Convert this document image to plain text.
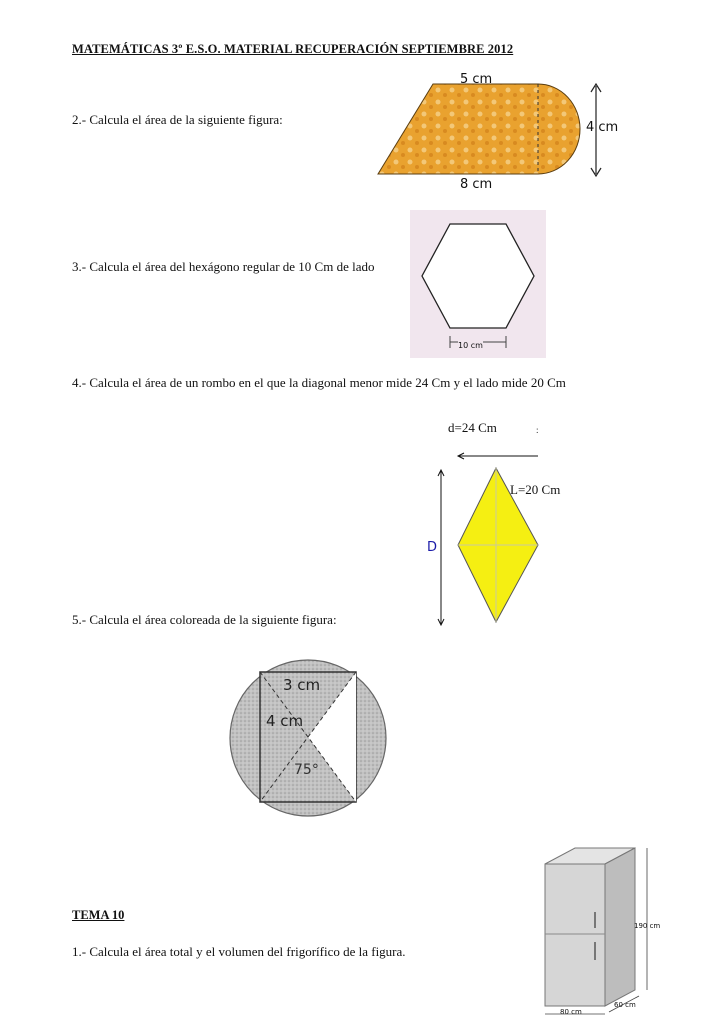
MATEMÁTICAS 3º E.S.O. MATERIAL RECUPERACIÓN SEPTIEMBRE 2012
2.- Calcula el área de la siguiente figura:
5 cm
4 cm
8 cm
3.- Calcula el área del hexágono regular de 10 Cm de lado
10 cm
4.- Calcula el área de un rombo en el que la diagonal menor mide 24 Cm y el lado mide 20 Cm
d=24 Cm
L=20 Cm
D
:
5.- Calcula el área coloreada de la siguiente figura:
3 cm
4 cm
75°
TEMA 10
1.- Calcula el área total y el volumen del frigorífico de la figura.
190 cm
80 cm
60 cm
